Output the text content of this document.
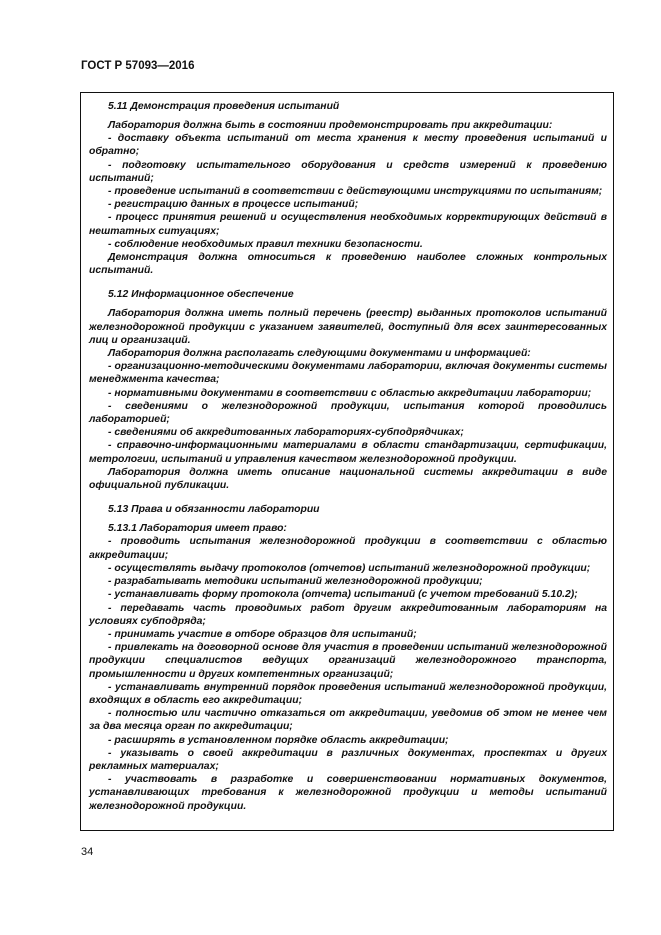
ГОСТ Р 57093—2016
5.11 Демонстрация проведения испытаний

Лаборатория должна быть в состоянии продемонстрировать при аккредитации:

- доставку объекта испытаний от места хранения к месту проведения испытаний и обратно;

- подготовку испытательного оборудования и средств измерений к проведению испытаний;

- проведение испытаний в соответствии с действующими инструкциями по испытаниям;

- регистрацию данных в процессе испытаний;

- процесс принятия решений и осуществления необходимых корректирующих действий в нештатных ситуациях;

- соблюдение необходимых правил техники безопасности.

Демонстрация должна относиться к проведению наиболее сложных контрольных испытаний.

5.12 Информационное обеспечение

Лаборатория должна иметь полный перечень (реестр) выданных протоколов испытаний железнодорожной продукции с указанием заявителей, доступный для всех заинтересованных лиц и организаций.

Лаборатория должна располагать следующими документами и информацией:

- организационно-методическими документами лаборатории, включая документы системы менеджмента качества;

- нормативными документами в соответствии с областью аккредитации лаборатории;

- сведениями о железнодорожной продукции, испытания которой проводились лабораторией;

- сведениями об аккредитованных лабораториях-субподрядчиках;

- справочно-информационными материалами в области стандартизации, сертификации, метрологии, испытаний и управления качеством железнодорожной продукции.

Лаборатория должна иметь описание национальной системы аккредитации в виде официальной публикации.

5.13 Права и обязанности лаборатории

5.13.1 Лаборатория имеет право:

- проводить испытания железнодорожной продукции в соответствии с областью аккредитации;

- осуществлять выдачу протоколов (отчетов) испытаний железнодорожной продукции;

- разрабатывать методики испытаний железнодорожной продукции;

- устанавливать форму протокола (отчета) испытаний (с учетом требований 5.10.2);

- передавать часть проводимых работ другим аккредитованным лабораториям на условиях субподряда;

- принимать участие в отборе образцов для испытаний;

- привлекать на договорной основе для участия в проведении испытаний железнодорожной продукции специалистов ведущих организаций железнодорожного транспорта, промышленности и других компетентных организаций;

- устанавливать внутренний порядок проведения испытаний железнодорожной продукции, входящих в область его аккредитации;

- полностью или частично отказаться от аккредитации, уведомив об этом не менее чем за два месяца орган по аккредитации;

- расширять в установленном порядке область аккредитации;

- указывать о своей аккредитации в различных документах, проспектах и других рекламных материалах;

- участвовать в разработке и совершенствовании нормативных документов, устанавливающих требования к железнодорожной продукции и методы испытаний железнодорожной продукции.

34
